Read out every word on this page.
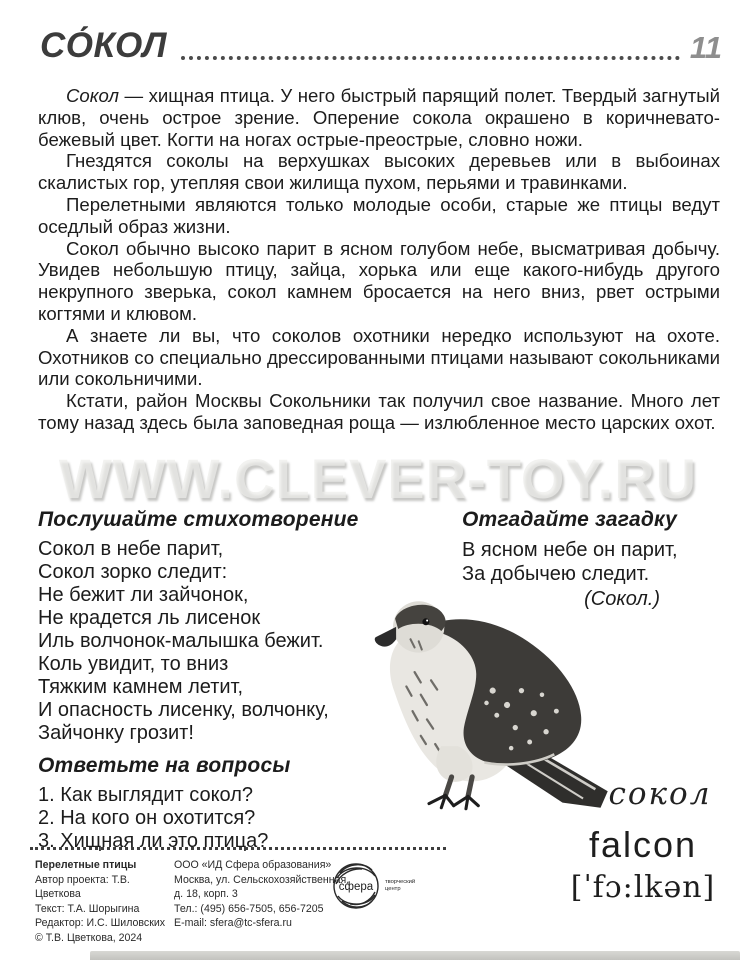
СО́КОЛ	11

Сокол — хищная птица. У него быстрый парящий полет. Твердый загнутый клюв, очень острое зрение. Оперение сокола окрашено в коричневато-бежевый цвет. Когти на ногах острые-преострые, словно ножи.

Гнездятся соколы на верхушках высоких деревьев или в выбоинах скалистых гор, утепляя свои жилища пухом, перьями и травинками.

Перелетными являются только молодые особи, старые же птицы ведут оседлый образ жизни.

Сокол обычно высоко парит в ясном голубом небе, высматривая добычу. Увидев небольшую птицу, зайца, хорька или еще какого-нибудь другого некрупного зверька, сокол камнем бросается на него вниз, рвет острыми когтями и клювом.

А знаете ли вы, что соколов охотники нередко используют на охоте. Охотников со специально дрессированными птицами называют сокольниками или сокольничими.

Кстати, район Москвы Сокольники так получил свое название. Много лет тому назад здесь была заповедная роща — излюбленное место царских охот.

WWW.CLEVER-TOY.RU
Послушайте стихотворение
Сокол в небе парит,
Сокол зорко следит:
Не бежит ли зайчонок,
Не крадется ль лисенок
Иль волчонок-малышка бежит.
Коль увидит, то вниз
Тяжким камнем летит,
И опасность лисенку, волчонку,
Зайчонку грозит!
Ответьте на вопросы
1. Как выглядит сокол?
2. На кого он охотится?
3. Хищная ли это птица?
Отгадайте загадку
В ясном небе он парит,
За добычею следит.
(Сокол.)
сокол
falcon
[ˈfɔ:lkən]
Перелетные птицы
Автор проекта: Т.В. Цветкова
Текст: Т.А. Шорыгина
Редактор: И.С. Шиловских
© Т.В. Цветкова, 2024
ООО «ИД Сфера образования»
Москва, ул. Сельскохозяйственная,
д. 18, корп. 3
Тел.: (495) 656-7505, 656-7205
E-mail: sfera@tc-sfera.ru
сфера творческий центр
